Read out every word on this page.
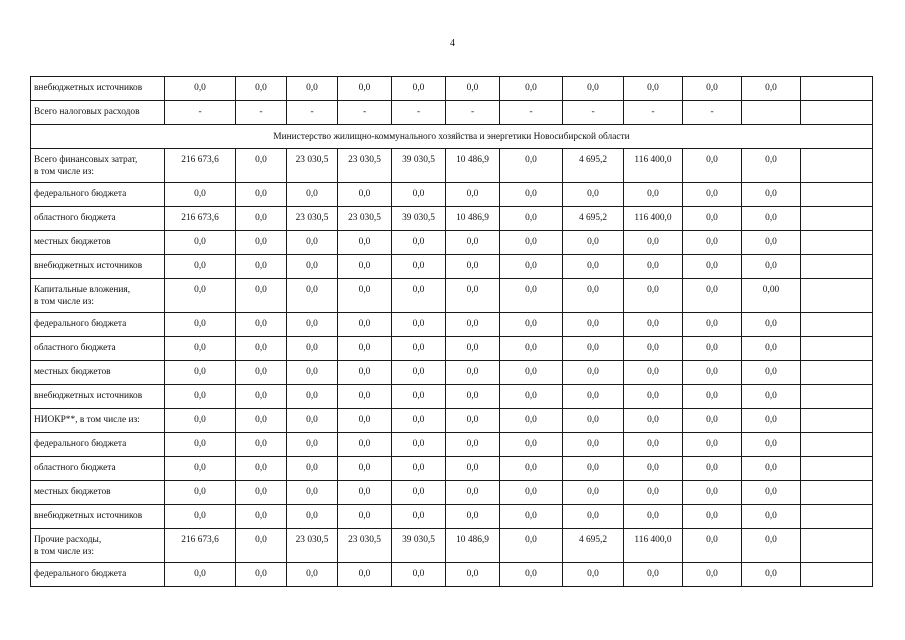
4
внебюджетных источников	0,0	0,0	0,0	0,0	0,0	0,0	0,0	0,0	0,0	0,0	0,0	
Всего налоговых расходов	-	-	-	-	-	-	-	-	-	-		
Министерство жилищно-коммунального хозяйства и энергетики Новосибирской области												

Всего финансовых затрат,
в том числе из:	216 673,6	0,0	23 030,5	23 030,5	39 030,5	10 486,9	0,0	4 695,2	116 400,0	0,0	0,0	
федерального бюджета	0,0	0,0	0,0	0,0	0,0	0,0	0,0	0,0	0,0	0,0	0,0	
областного бюджета	216 673,6	0,0	23 030,5	23 030,5	39 030,5	10 486,9	0,0	4 695,2	116 400,0	0,0	0,0	
местных бюджетов	0,0	0,0	0,0	0,0	0,0	0,0	0,0	0,0	0,0	0,0	0,0	
внебюджетных источников	0,0	0,0	0,0	0,0	0,0	0,0	0,0	0,0	0,0	0,0	0,0	

Капитальные вложения,
в том числе из:	0,0	0,0	0,0	0,0	0,0	0,0	0,0	0,0	0,0	0,0	0,00	
федерального бюджета	0,0	0,0	0,0	0,0	0,0	0,0	0,0	0,0	0,0	0,0	0,0	
областного бюджета	0,0	0,0	0,0	0,0	0,0	0,0	0,0	0,0	0,0	0,0	0,0	
местных бюджетов	0,0	0,0	0,0	0,0	0,0	0,0	0,0	0,0	0,0	0,0	0,0	
внебюджетных источников	0,0	0,0	0,0	0,0	0,0	0,0	0,0	0,0	0,0	0,0	0,0	
НИОКР**, в том числе из:	0,0	0,0	0,0	0,0	0,0	0,0	0,0	0,0	0,0	0,0	0,0	
федерального бюджета	0,0	0,0	0,0	0,0	0,0	0,0	0,0	0,0	0,0	0,0	0,0	
областного бюджета	0,0	0,0	0,0	0,0	0,0	0,0	0,0	0,0	0,0	0,0	0,0	
местных бюджетов	0,0	0,0	0,0	0,0	0,0	0,0	0,0	0,0	0,0	0,0	0,0	
внебюджетных источников	0,0	0,0	0,0	0,0	0,0	0,0	0,0	0,0	0,0	0,0	0,0	

Прочие расходы,
в том числе из:	216 673,6	0,0	23 030,5	23 030,5	39 030,5	10 486,9	0,0	4 695,2	116 400,0	0,0	0,0	
федерального бюджета	0,0	0,0	0,0	0,0	0,0	0,0	0,0	0,0	0,0	0,0	0,0	
